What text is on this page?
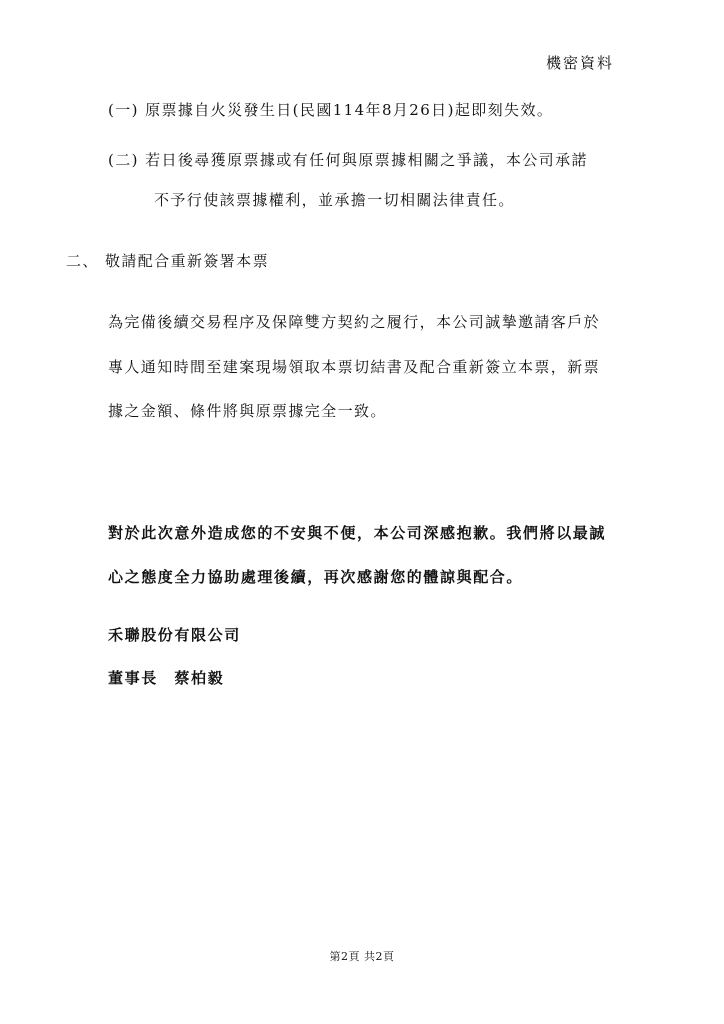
機密資料

(一) 原票據自火災發生日(民國114年8月26日)起即刻失效。

(二) 若日後尋獲原票據或有任何與原票據相關之爭議，本公司承諾

不予行使該票據權利，並承擔一切相關法律責任。

二、 敬請配合重新簽署本票

為完備後續交易程序及保障雙方契約之履行，本公司誠摯邀請客戶於

專人通知時間至建案現場領取本票切結書及配合重新簽立本票，新票

據之金額、條件將與原票據完全一致。

對於此次意外造成您的不安與不便，本公司深感抱歉。我們將以最誠

心之態度全力協助處理後續，再次感謝您的體諒與配合。

禾聯股份有限公司

董事長　蔡柏毅

第2頁 共2頁
